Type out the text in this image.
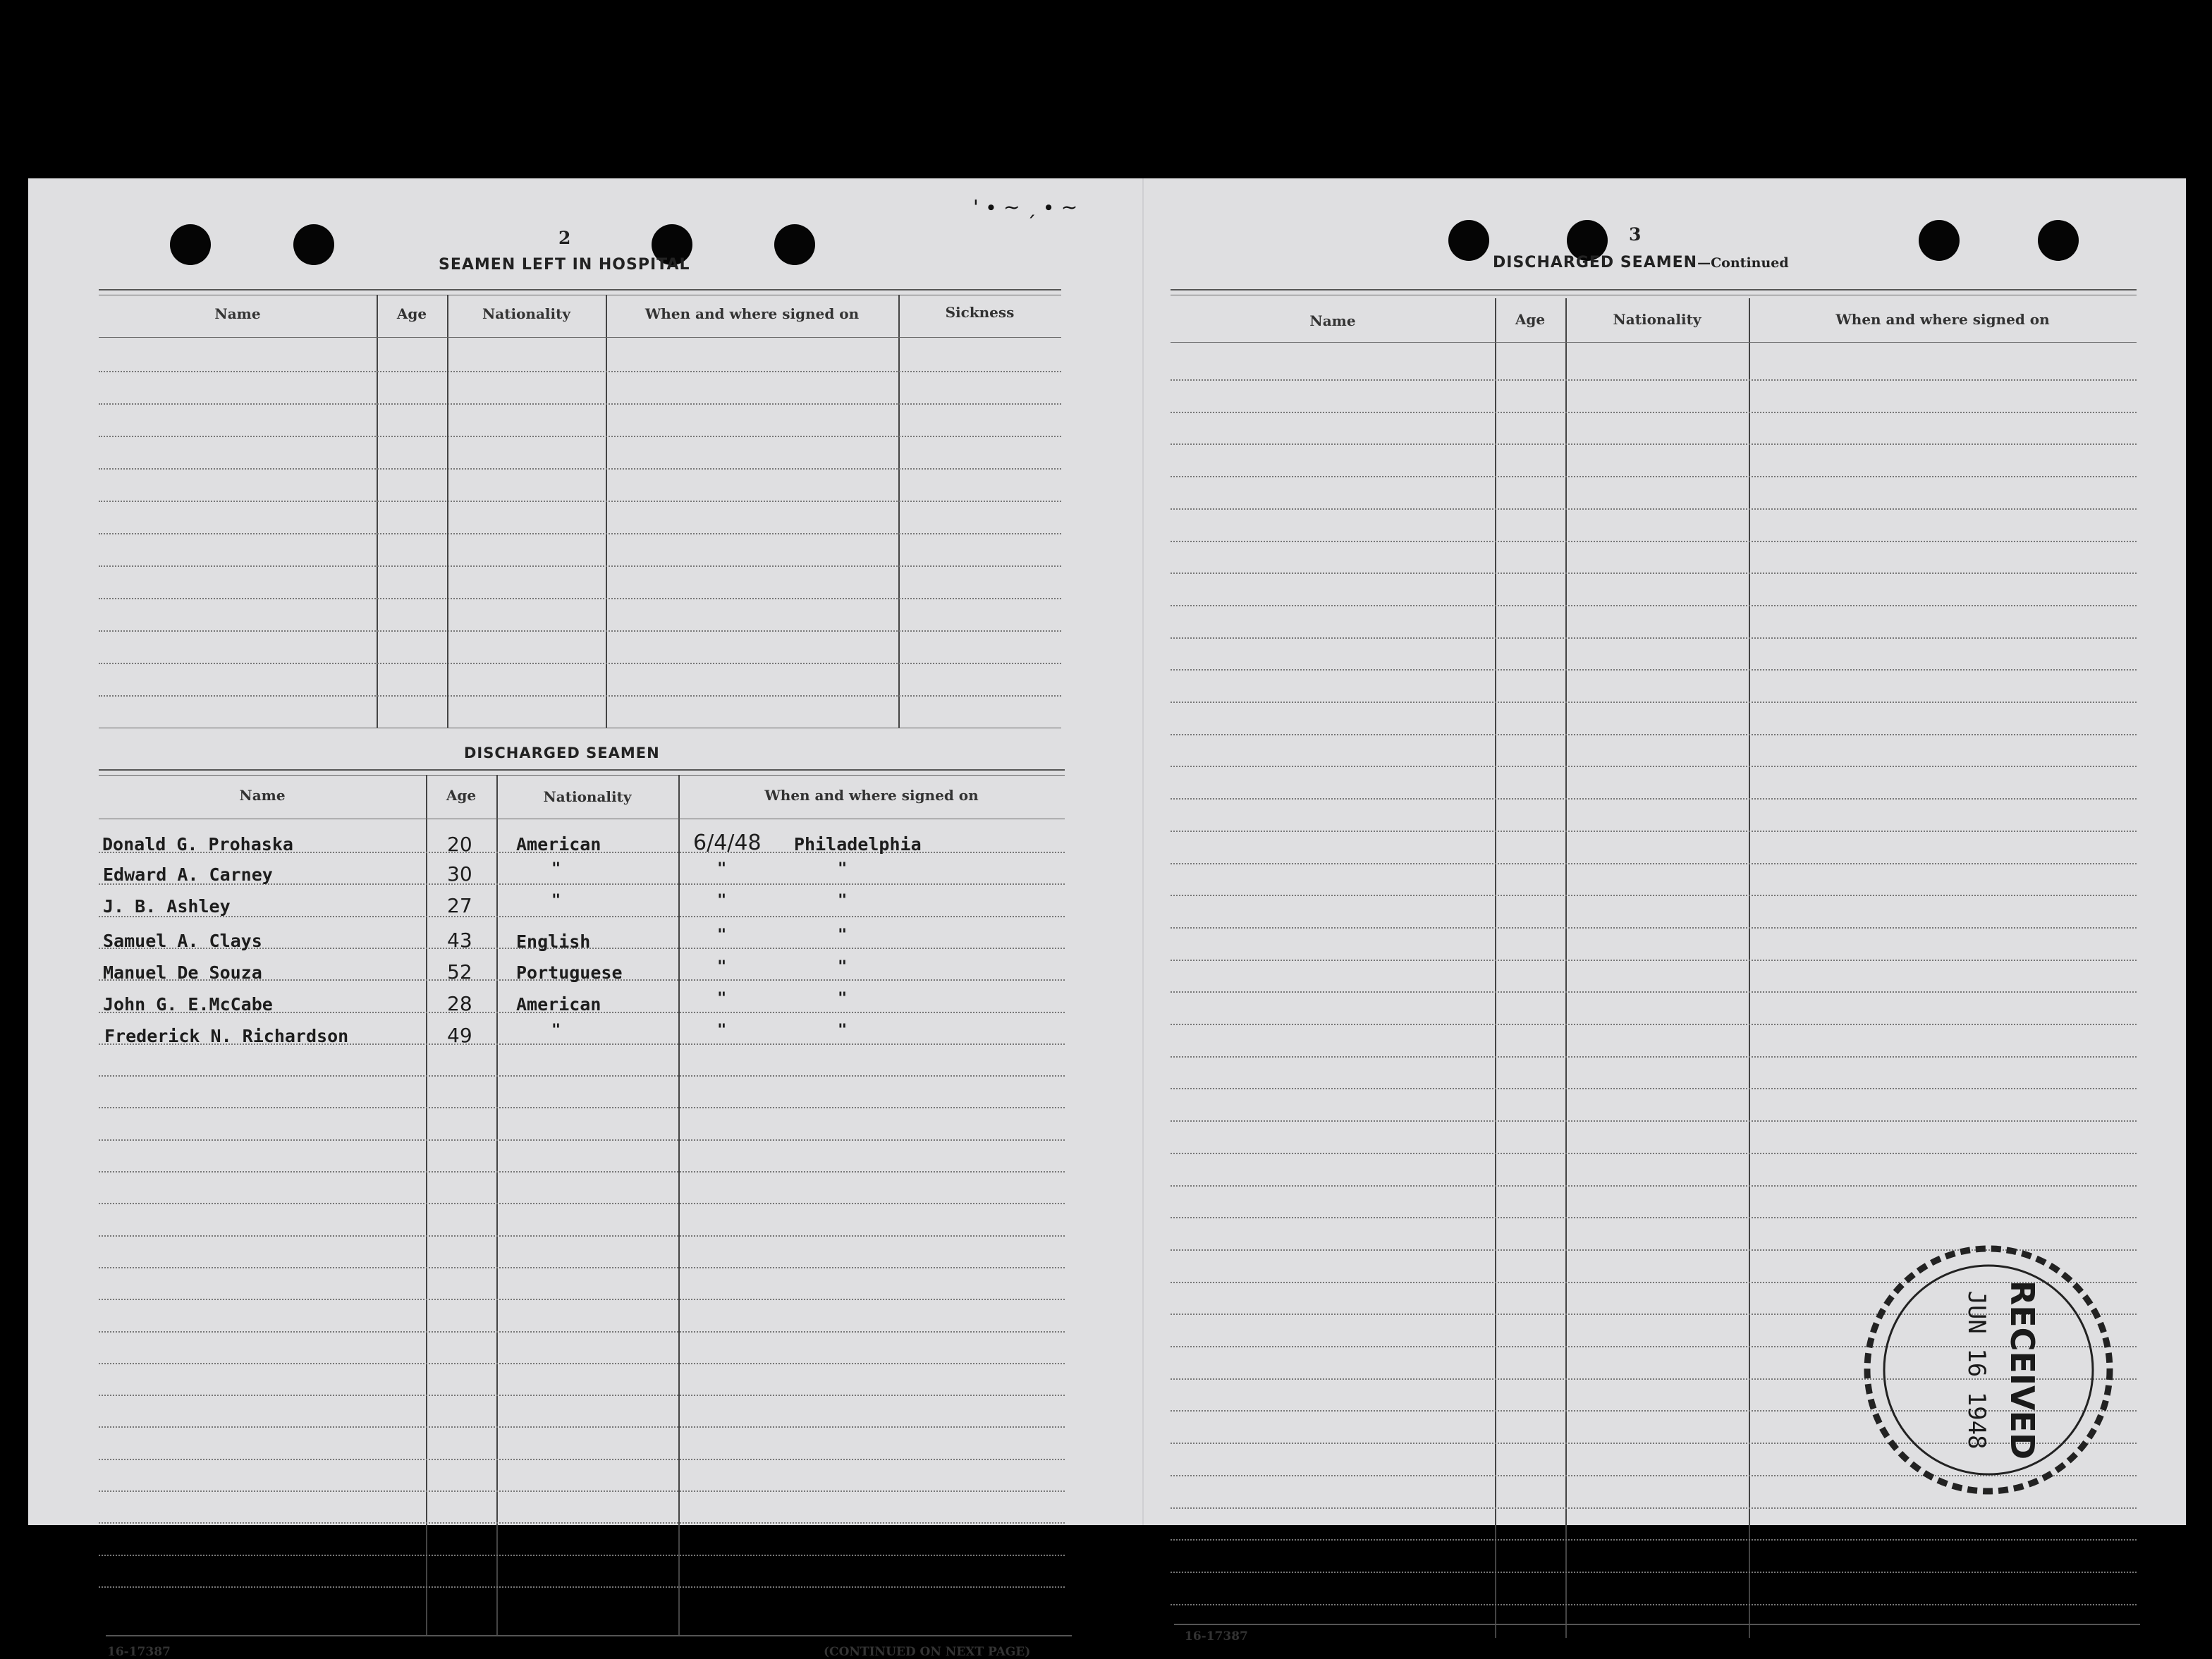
' ∙ ~ ˏ ∙ ~
2
SEAMEN LEFT IN HOSPITAL
Name	Age	Nationality	When and where signed on	Sickness
DISCHARGED SEAMEN
Name	Age	Nationality	When and where signed on
Donald G. Prohaska	20 American	6/4/48 Philadelphia
Edward A. Carney	30	"	"	"
J. B. Ashley	27	"	"	"
Samuel A. Clays	43 English	"	"
Manuel De Souza	52 Portuguese	"	"
John G. E.McCabe	28 American	"	"
Frederick N. Richardson	49	"	"	"
16-17387	(CONTINUED ON NEXT PAGE)
3
DISCHARGED SEAMEN—Continued
Name	Age	Nationality	When and where signed on
16-17387
RECEIVED
JUN 16 1948
